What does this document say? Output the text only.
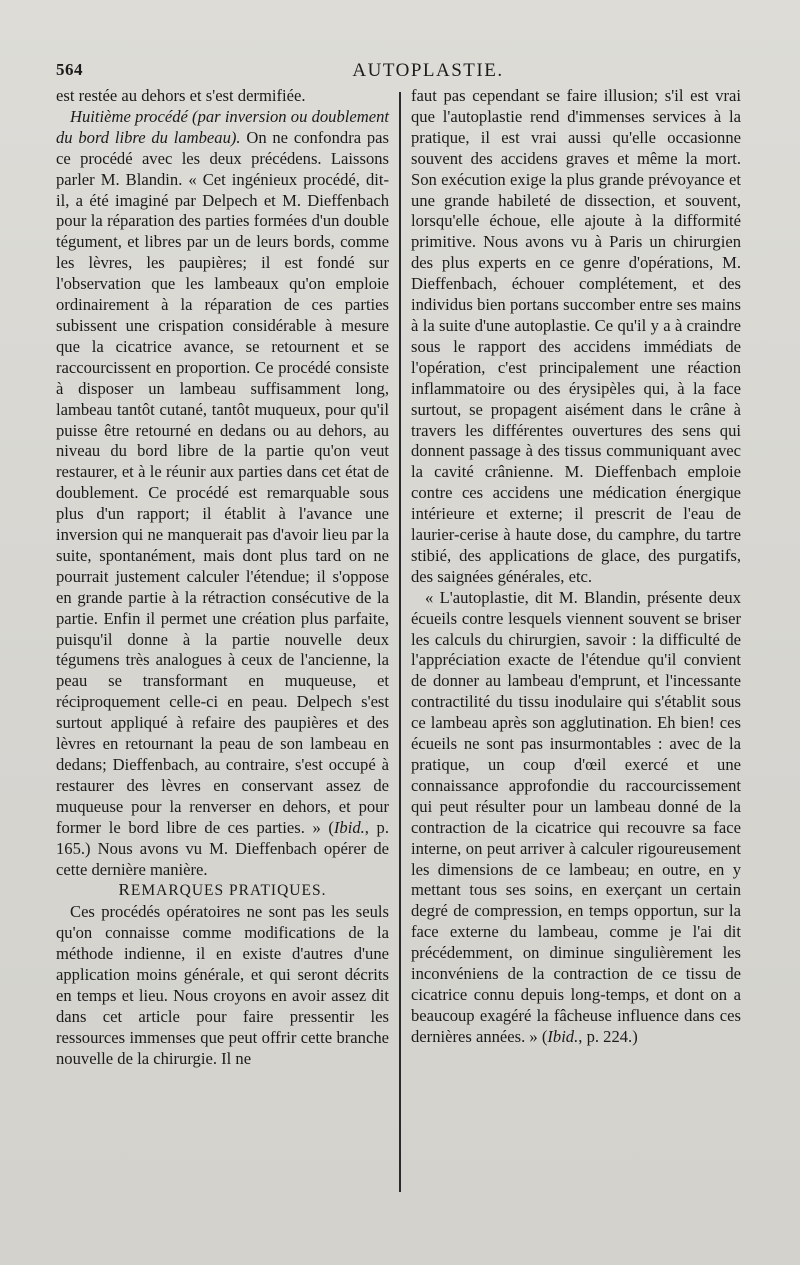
564	AUTOPLASTIE.

est restée au dehors et s'est dermifiée.

Huitième procédé (par inversion ou doublement du bord libre du lambeau). On ne confondra pas ce procédé avec les deux précédens. Laissons parler M. Blandin. « Cet ingénieux procédé, dit-il, a été imaginé par Delpech et M. Dieffenbach pour la réparation des parties formées d'un double tégument, et libres par un de leurs bords, comme les lèvres, les paupières; il est fondé sur l'observation que les lambeaux qu'on emploie ordinairement à la réparation de ces parties subissent une crispation considérable à mesure que la cicatrice avance, se retournent et se raccourcissent en proportion. Ce procédé consiste à disposer un lambeau suffisamment long, lambeau tantôt cutané, tantôt muqueux, pour qu'il puisse être retourné en dedans ou au dehors, au niveau du bord libre de la partie qu'on veut restaurer, et à le réunir aux parties dans cet état de doublement. Ce procédé est remarquable sous plus d'un rapport; il établit à l'avance une inversion qui ne manquerait pas d'avoir lieu par la suite, spontanément, mais dont plus tard on ne pourrait justement calculer l'étendue; il s'oppose en grande partie à la rétraction consécutive de la partie. Enfin il permet une création plus parfaite, puisqu'il donne à la partie nouvelle deux tégumens très analogues à ceux de l'ancienne, la peau se transformant en muqueuse, et réciproquement celle-ci en peau. Delpech s'est surtout appliqué à refaire des paupières et des lèvres en retournant la peau de son lambeau en dedans; Dieffenbach, au contraire, s'est occupé à restaurer des lèvres en conservant assez de muqueuse pour la renverser en dehors, et pour former le bord libre de ces parties. » (Ibid., p. 165.) Nous avons vu M. Dieffenbach opérer de cette dernière manière.

REMARQUES PRATIQUES.

Ces procédés opératoires ne sont pas les seuls qu'on connaisse comme modifications de la méthode indienne, il en existe d'autres d'une application moins générale, et qui seront décrits en temps et lieu. Nous croyons en avoir assez dit dans cet article pour faire pressentir les ressources immenses que peut offrir cette branche nouvelle de la chirurgie. Il ne

faut pas cependant se faire illusion; s'il est vrai que l'autoplastie rend d'immenses services à la pratique, il est vrai aussi qu'elle occasionne souvent des accidens graves et même la mort. Son exécution exige la plus grande prévoyance et une grande habileté de dissection, et souvent, lorsqu'elle échoue, elle ajoute à la difformité primitive. Nous avons vu à Paris un chirurgien des plus experts en ce genre d'opérations, M. Dieffenbach, échouer complétement, et des individus bien portans succomber entre ses mains à la suite d'une autoplastie. Ce qu'il y a à craindre sous le rapport des accidens immédiats de l'opération, c'est principalement une réaction inflammatoire ou des érysipèles qui, à la face surtout, se propagent aisément dans le crâne à travers les différentes ouvertures des sens qui donnent passage à des tissus communiquant avec la cavité crânienne. M. Dieffenbach emploie contre ces accidens une médication énergique intérieure et externe; il prescrit de l'eau de laurier-cerise à haute dose, du camphre, du tartre stibié, des applications de glace, des purgatifs, des saignées générales, etc.

« L'autoplastie, dit M. Blandin, présente deux écueils contre lesquels viennent souvent se briser les calculs du chirurgien, savoir : la difficulté de l'appréciation exacte de l'étendue qu'il convient de donner au lambeau d'emprunt, et l'incessante contractilité du tissu inodulaire qui s'établit sous ce lambeau après son agglutination. Eh bien! ces écueils ne sont pas insurmontables : avec de la pratique, un coup d'œil exercé et une connaissance approfondie du raccourcissement qui peut résulter pour un lambeau donné de la contraction de la cicatrice qui recouvre sa face interne, on peut arriver à calculer rigoureusement les dimensions de ce lambeau; en outre, en y mettant tous ses soins, en exerçant un certain degré de compression, en temps opportun, sur la face externe du lambeau, comme je l'ai dit précédemment, on diminue singulièrement les inconvéniens de la contraction de ce tissu de cicatrice connu depuis long-temps, et dont on a beaucoup exagéré la fâcheuse influence dans ces dernières années. » (Ibid., p. 224.)
